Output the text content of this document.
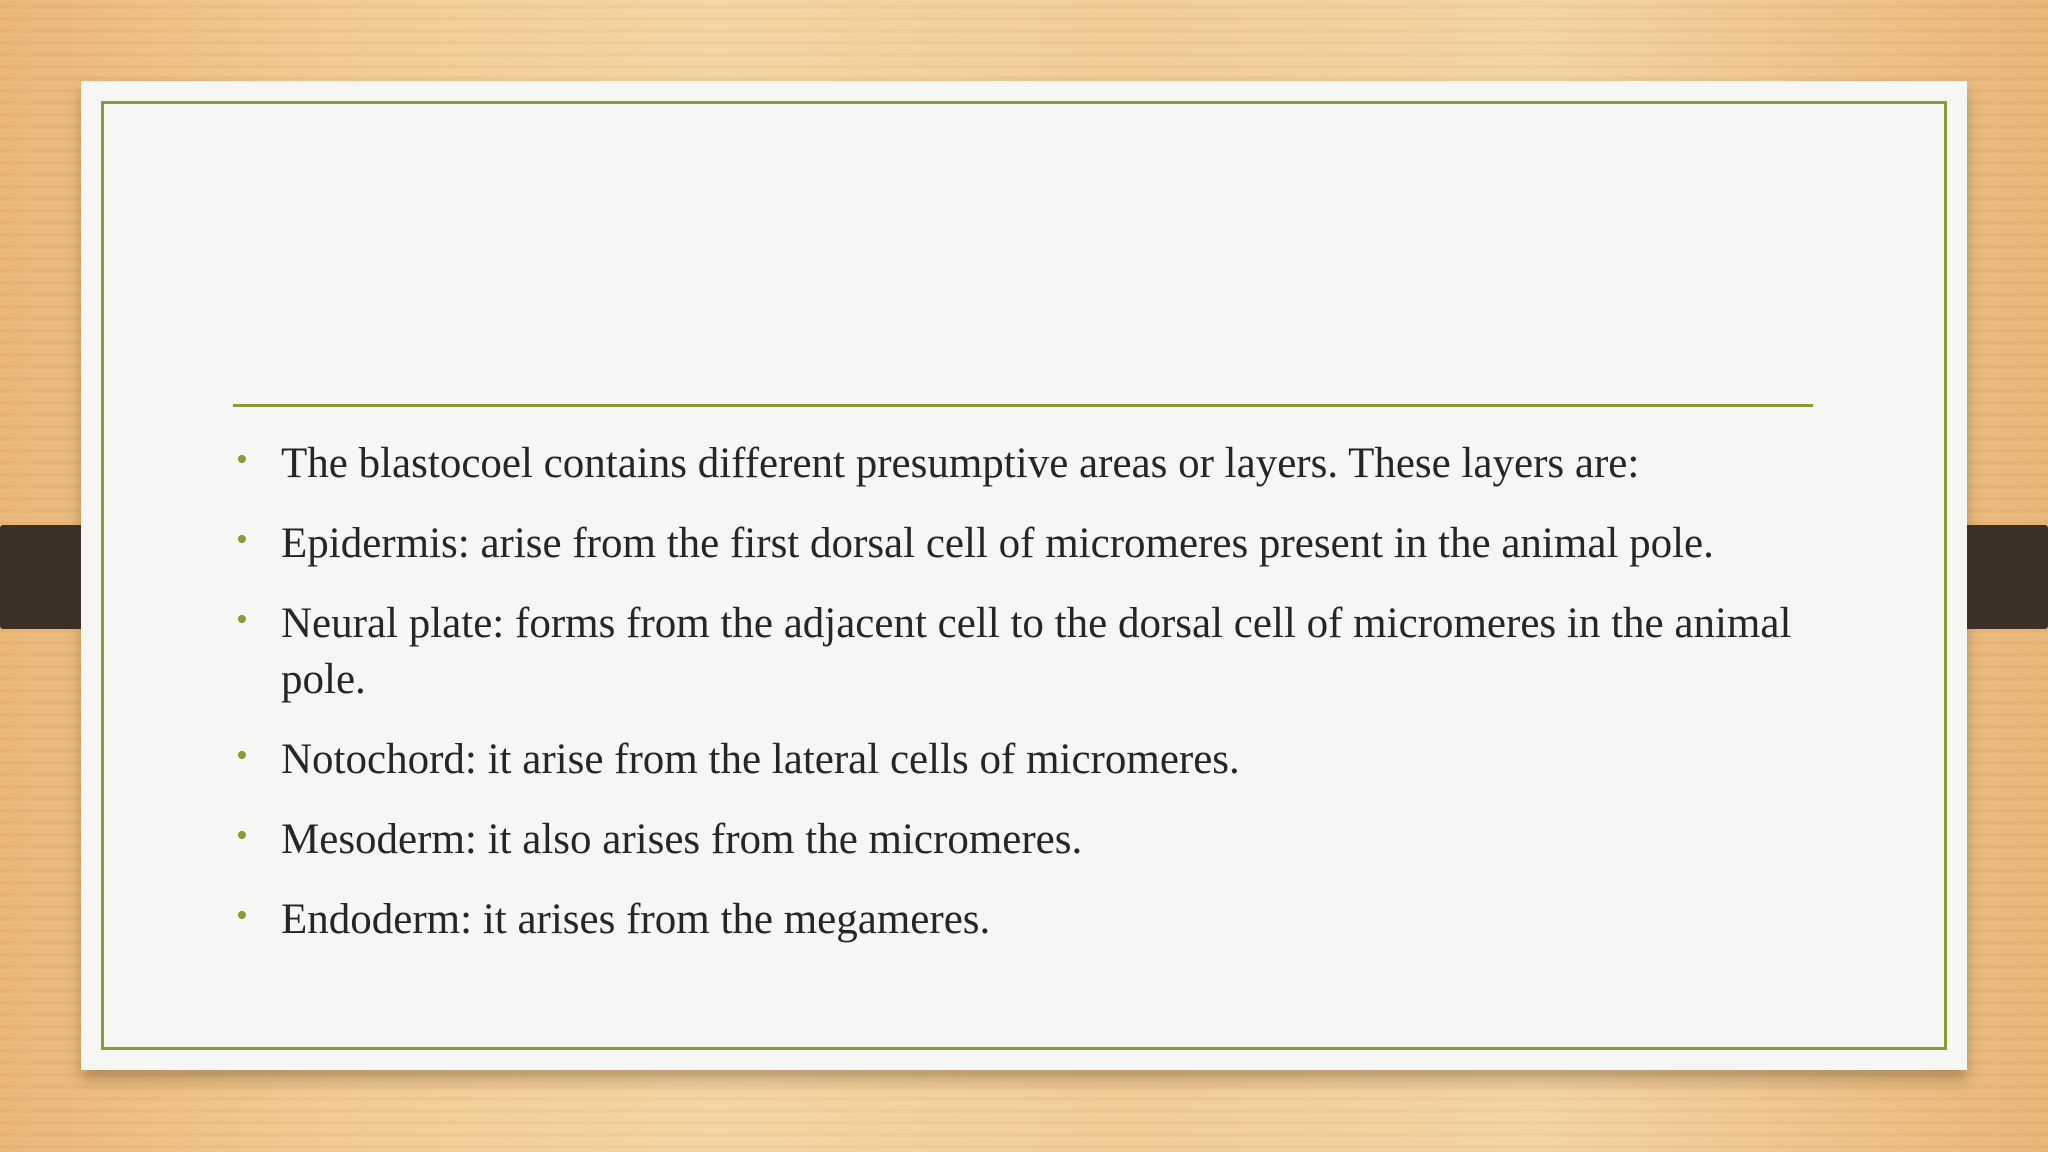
• The blastocoel contains different presumptive areas or layers. These layers are:
• Epidermis: arise from the first dorsal cell of micromeres present in the animal pole.
• Neural plate: forms from the adjacent cell to the dorsal cell of micromeres in the animal pole.
• Notochord: it arise from the lateral cells of micromeres.
• Mesoderm: it also arises from the micromeres.
• Endoderm: it arises from the megameres.
